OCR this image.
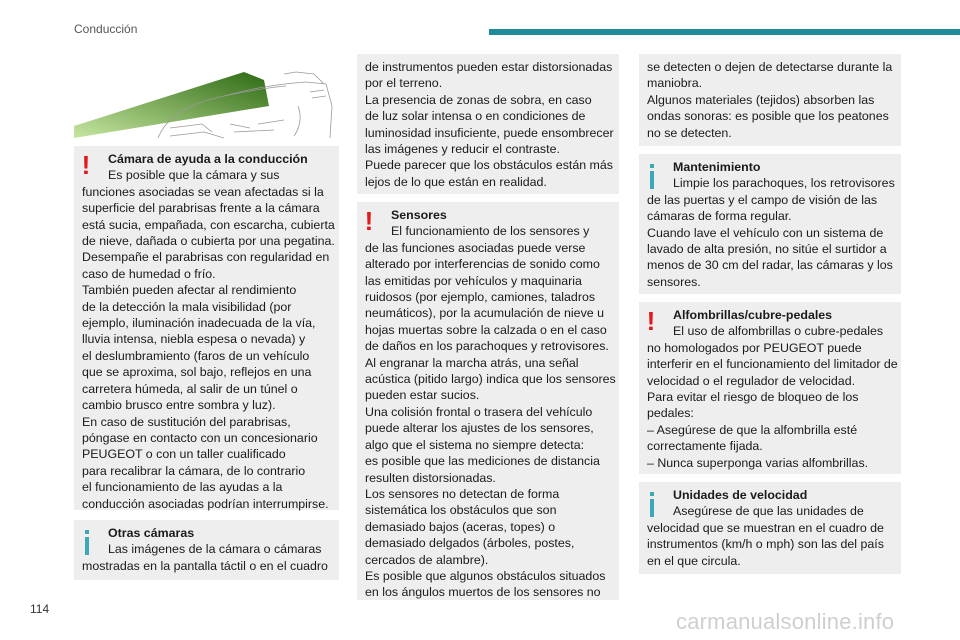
Conducción
!	Cámara de ayuda a la conducción
Es posible que la cámara y sus
funciones asociadas se vean afectadas si la
superficie del parabrisas frente a la cámara
está sucia, empañada, con escarcha, cubierta
de nieve, dañada o cubierta por una pegatina.
Desempañe el parabrisas con regularidad en
caso de humedad o frío.
También pueden afectar al rendimiento
de la detección la mala visibilidad (por
ejemplo, iluminación inadecuada de la vía,
lluvia intensa, niebla espesa o nevada) y
el deslumbramiento (faros de un vehículo
que se aproxima, sol bajo, reflejos en una
carretera húmeda, al salir de un túnel o
cambio brusco entre sombra y luz).
En caso de sustitución del parabrisas,
póngase en contacto con un concesionario
PEUGEOT o con un taller cualificado
para recalibrar la cámara, de lo contrario
el funcionamiento de las ayudas a la
conducción asociadas podrían interrumpirse.
Otras cámaras
Las imágenes de la cámara o cámaras
mostradas en la pantalla táctil o en el cuadro
de instrumentos pueden estar distorsionadas
por el terreno.
La presencia de zonas de sobra, en caso
de luz solar intensa o en condiciones de
luminosidad insuficiente, puede ensombrecer
las imágenes y reducir el contraste.
Puede parecer que los obstáculos están más
lejos de lo que están en realidad.
!	Sensores
El funcionamiento de los sensores y
de las funciones asociadas puede verse
alterado por interferencias de sonido como
las emitidas por vehículos y maquinaria
ruidosos (por ejemplo, camiones, taladros
neumáticos), por la acumulación de nieve u
hojas muertas sobre la calzada o en el caso
de daños en los parachoques y retrovisores.
Al engranar la marcha atrás, una señal
acústica (pitido largo) indica que los sensores
pueden estar sucios.
Una colisión frontal o trasera del vehículo
puede alterar los ajustes de los sensores,
algo que el sistema no siempre detecta:
es posible que las mediciones de distancia
resulten distorsionadas.
Los sensores no detectan de forma
sistemática los obstáculos que son
demasiado bajos (aceras, topes) o
demasiado delgados (árboles, postes,
cercados de alambre).
Es posible que algunos obstáculos situados
en los ángulos muertos de los sensores no
se detecten o dejen de detectarse durante la
maniobra.
Algunos materiales (tejidos) absorben las
ondas sonoras: es posible que los peatones
no se detecten.
Mantenimiento
Limpie los parachoques, los retrovisores
de las puertas y el campo de visión de las
cámaras de forma regular.
Cuando lave el vehículo con un sistema de
lavado de alta presión, no sitúe el surtidor a
menos de 30 cm del radar, las cámaras y los
sensores.
!	Alfombrillas/cubre-pedales
El uso de alfombrillas o cubre-pedales
no homologados por PEUGEOT puede
interferir en el funcionamiento del limitador de
velocidad o el regulador de velocidad.
Para evitar el riesgo de bloqueo de los
pedales:
– Asegúrese de que la alfombrilla esté
correctamente fijada.
– Nunca superponga varias alfombrillas.
Unidades de velocidad
Asegúrese de que las unidades de
velocidad que se muestran en el cuadro de
instrumentos (km/h o mph) son las del país
en el que circula.
114	carmanualsonline.info
